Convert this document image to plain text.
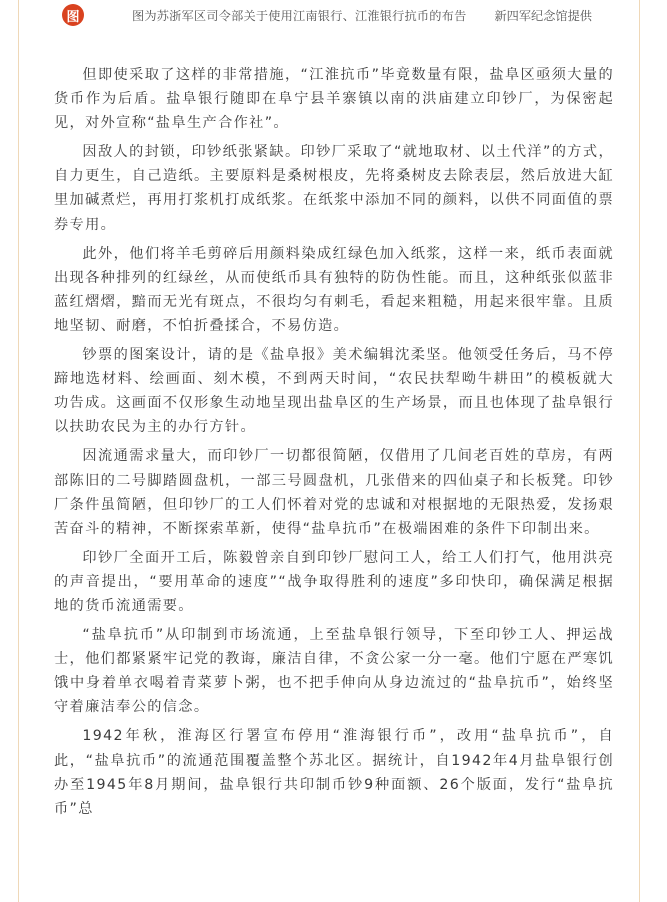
图	图为苏浙军区司令部关于使用江南银行、江淮银行抗币的布告 新四军纪念馆提供

但即使采取了这样的非常措施，“江淮抗币”毕竟数量有限，盐阜区亟须大量的货币作为后盾。盐阜银行随即在阜宁县羊寨镇以南的洪庙建立印钞厂，为保密起见，对外宣称“盐阜生产合作社”。

因敌人的封锁，印钞纸张紧缺。印钞厂采取了“就地取材、以土代洋”的方式，自力更生，自己造纸。主要原料是桑树根皮，先将桑树皮去除表层，然后放进大缸里加碱煮烂，再用打浆机打成纸浆。在纸浆中添加不同的颜料，以供不同面值的票券专用。

此外，他们将羊毛剪碎后用颜料染成红绿色加入纸浆，这样一来，纸币表面就出现各种排列的红绿丝，从而使纸币具有独特的防伪性能。而且，这种纸张似蓝非蓝红熠熠，黯而无光有斑点，不很均匀有刺毛，看起来粗糙，用起来很牢靠。且质地坚韧、耐磨，不怕折叠揉合，不易仿造。

钞票的图案设计，请的是《盐阜报》美术编辑沈柔坚。他领受任务后，马不停蹄地选材料、绘画面、刻木模，不到两天时间，“农民扶犁呦牛耕田”的模板就大功告成。这画面不仅形象生动地呈现出盐阜区的生产场景，而且也体现了盐阜银行以扶助农民为主的办行方针。

因流通需求量大，而印钞厂一切都很简陋，仅借用了几间老百姓的草房，有两部陈旧的二号脚踏圆盘机，一部三号圆盘机，几张借来的四仙桌子和长板凳。印钞厂条件虽简陋，但印钞厂的工人们怀着对党的忠诚和对根据地的无限热爱，发扬艰苦奋斗的精神，不断探索革新，使得“盐阜抗币”在极端困难的条件下印制出来。

印钞厂全面开工后，陈毅曾亲自到印钞厂慰问工人，给工人们打气，他用洪亮的声音提出，“要用革命的速度”“战争取得胜利的速度”多印快印，确保满足根据地的货币流通需要。

“盐阜抗币”从印制到市场流通，上至盐阜银行领导，下至印钞工人、押运战士，他们都紧紧牢记党的教诲，廉洁自律，不贪公家一分一毫。他们宁愿在严寒饥饿中身着单衣喝着青菜萝卜粥，也不把手伸向从身边流过的“盐阜抗币”，始终坚守着廉洁奉公的信念。

1942年秋，淮海区行署宣布停用“淮海银行币”，改用“盐阜抗币”，自此，“盐阜抗币”的流通范围覆盖整个苏北区。据统计，自1942年4月盐阜银行创办至1945年8月期间，盐阜银行共印制币钞9种面额、26个版面，发行“盐阜抗币”总
